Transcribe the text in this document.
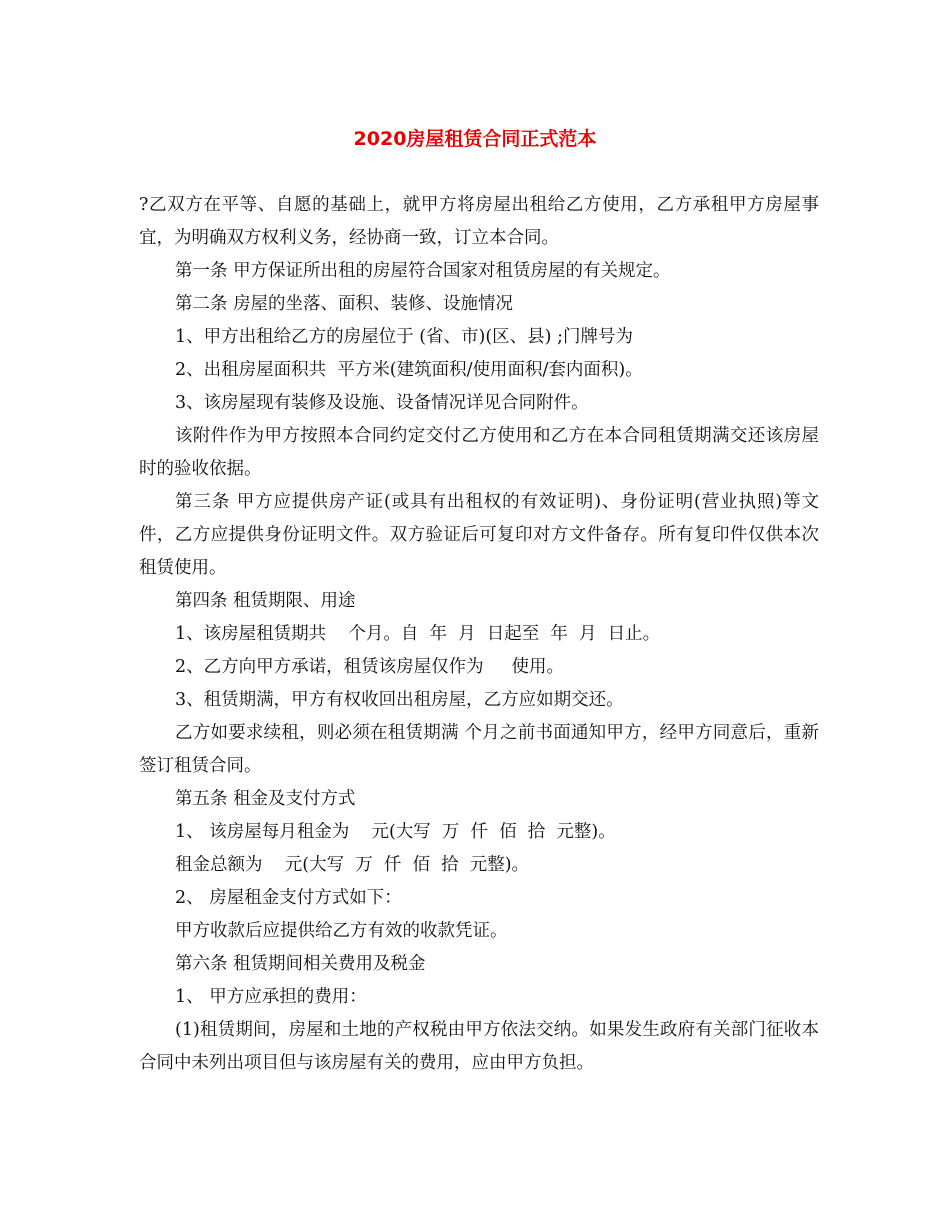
2020房屋租赁合同正式范本

?乙双方在平等、自愿的基础上，就甲方将房屋出租给乙方使用，乙方承租甲方房屋事宜，为明确双方权利义务，经协商一致，订立本合同。

第一条 甲方保证所出租的房屋符合国家对租赁房屋的有关规定。

第二条 房屋的坐落、面积、装修、设施情况

1、甲方出租给乙方的房屋位于 (省、市)(区、县) ;门牌号为

2、出租房屋面积共  平方米(建筑面积/使用面积/套内面积)。

3、该房屋现有装修及设施、设备情况详见合同附件。

该附件作为甲方按照本合同约定交付乙方使用和乙方在本合同租赁期满交还该房屋时的验收依据。

第三条 甲方应提供房产证(或具有出租权的有效证明)、身份证明(营业执照)等文件，乙方应提供身份证明文件。双方验证后可复印对方文件备存。所有复印件仅供本次租赁使用。

第四条 租赁期限、用途

1、该房屋租赁期共    个月。自  年  月  日起至  年  月  日止。

2、乙方向甲方承诺，租赁该房屋仅作为     使用。

3、租赁期满，甲方有权收回出租房屋，乙方应如期交还。

乙方如要求续租，则必须在租赁期满 个月之前书面通知甲方，经甲方同意后，重新签订租赁合同。

第五条 租金及支付方式

1、 该房屋每月租金为    元(大写  万  仟  佰  拾  元整)。

租金总额为    元(大写  万  仟  佰  拾  元整)。

2、 房屋租金支付方式如下：

甲方收款后应提供给乙方有效的收款凭证。

第六条 租赁期间相关费用及税金

1、 甲方应承担的费用：

(1)租赁期间，房屋和土地的产权税由甲方依法交纳。如果发生政府有关部门征收本合同中未列出项目但与该房屋有关的费用，应由甲方负担。
